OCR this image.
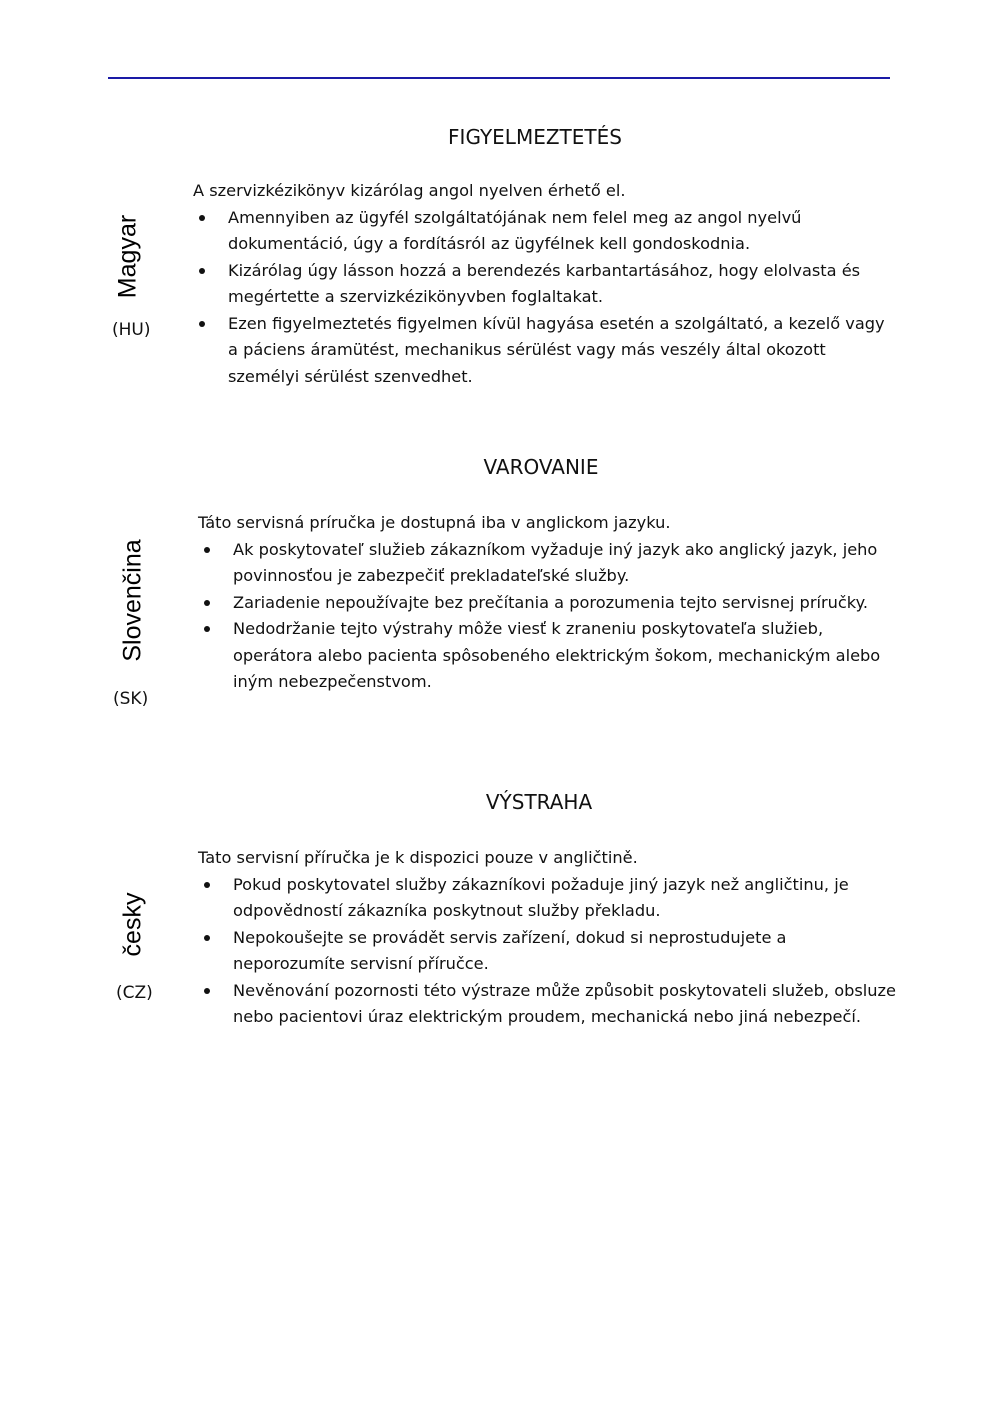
Magyar
(HU)
FIGYELMEZTETÉS

A szervizkézikönyv kizárólag angol nyelven érhető el.

Amennyiben az ügyfél szolgáltatójának nem felel meg az angol nyelvű dokumentáció, úgy a fordításról az ügyfélnek kell gondoskodnia.
Kizárólag úgy lásson hozzá a berendezés karbantartásához, hogy elolvasta és megértette a szervizkézikönyvben foglaltakat.
Ezen figyelmeztetés figyelmen kívül hagyása esetén a szolgáltató, a kezelő vagy a páciens áramütést, mechanikus sérülést vagy más veszély által okozott személyi sérülést szenvedhet.
Slovenčina
(SK)
VAROVANIE

Táto servisná príručka je dostupná iba v anglickom jazyku.

Ak poskytovateľ služieb zákazníkom vyžaduje iný jazyk ako anglický jazyk, jeho povinnosťou je zabezpečiť prekladateľské služby.
Zariadenie nepoužívajte bez prečítania a porozumenia tejto servisnej príručky.
Nedodržanie tejto výstrahy môže viesť k zraneniu poskytovateľa služieb, operátora alebo pacienta spôsobeného elektrickým šokom, mechanickým alebo iným nebezpečenstvom.
česky
(CZ)
VÝSTRAHA

Tato servisní příručka je k dispozici pouze v angličtině.

Pokud poskytovatel služby zákazníkovi požaduje jiný jazyk než angličtinu, je odpovědností zákazníka poskytnout služby překladu.
Nepokoušejte se provádět servis zařízení, dokud si neprostudujete a neporozumíte servisní příručce.
Nevěnování pozornosti této výstraze může způsobit poskytovateli služeb, obsluze nebo pacientovi úraz elektrickým proudem, mechanická nebo jiná nebezpečí.
